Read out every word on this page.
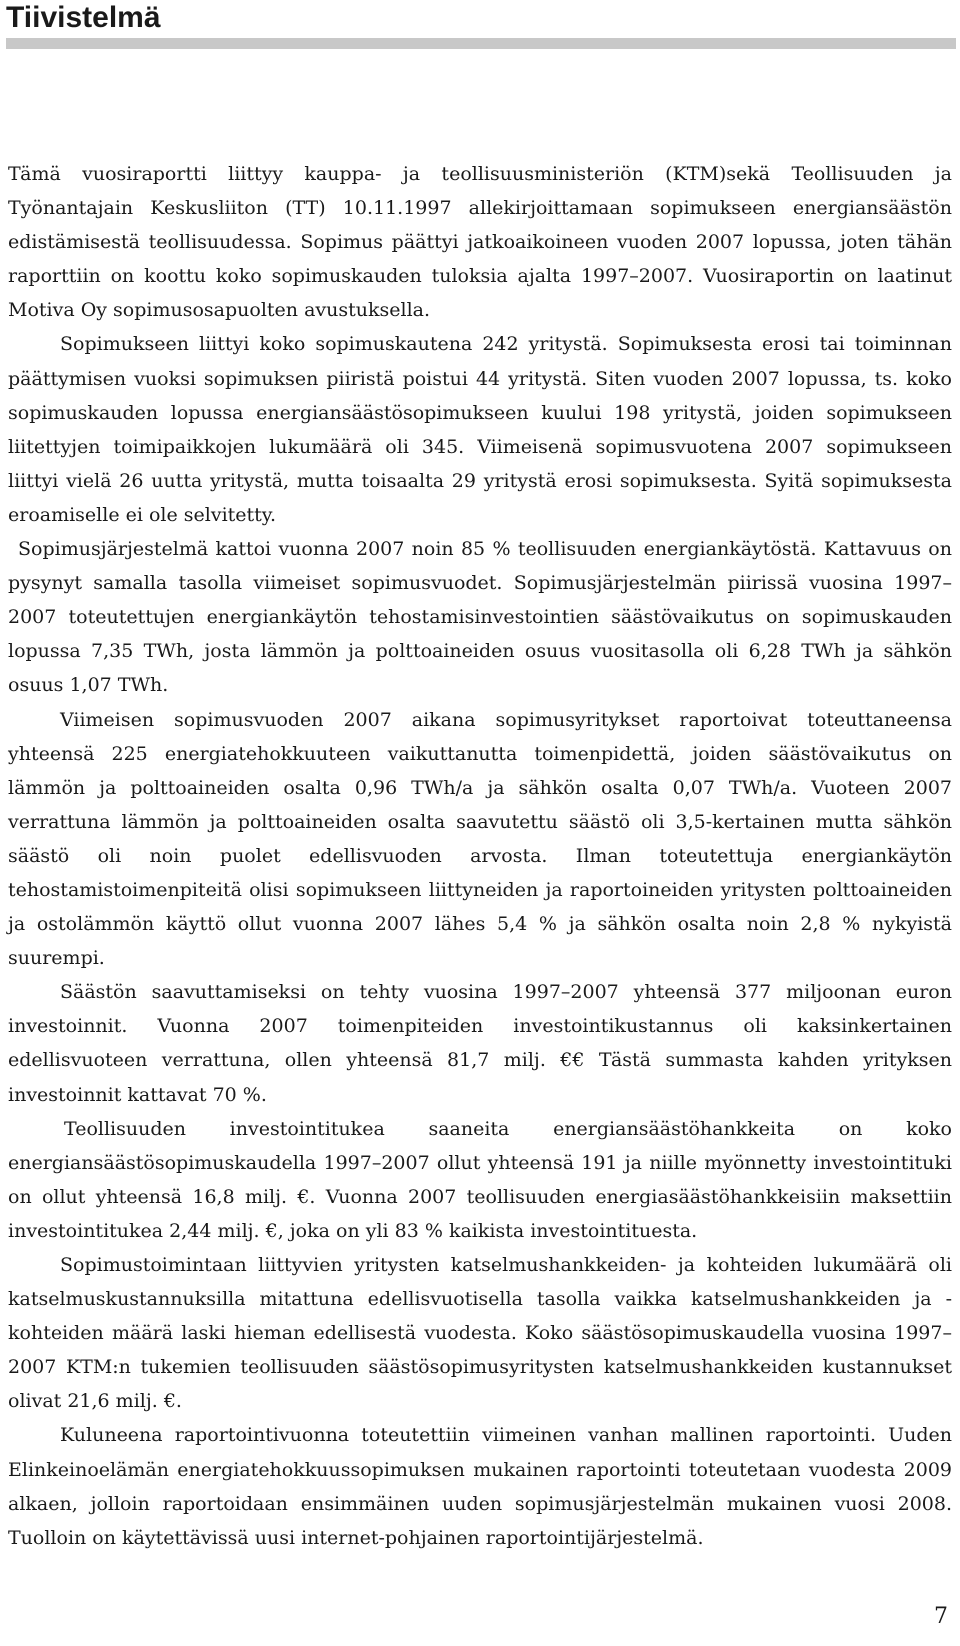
Tiivistelmä

Tämä vuosiraportti liittyy kauppa- ja teollisuusministeriön (KTM)sekä Teollisuuden ja Työnantajain Keskusliiton (TT) 10.11.1997 allekirjoittamaan sopimukseen energiansäästön edistämisestä teollisuudessa. Sopimus päättyi jatkoaikoineen vuoden 2007 lopussa, joten tähän raporttiin on koottu koko sopimuskauden tuloksia ajalta 1997–2007. Vuosiraportin on laatinut Motiva Oy sopimusosapuolten avustuksella.

Sopimukseen liittyi koko sopimuskautena 242 yritystä. Sopimuksesta erosi tai toiminnan päättymisen vuoksi sopimuksen piiristä poistui 44 yritystä. Siten vuoden 2007 lopussa, ts. koko sopimuskauden lopussa energiansäästösopimukseen kuului 198 yritystä, joiden sopimukseen liitettyjen toimipaikkojen lukumäärä oli 345. Viimeisenä sopimusvuotena 2007 sopimukseen liittyi vielä 26 uutta yritystä, mutta toisaalta 29 yritystä erosi sopimuksesta. Syitä sopimuksesta eroamiselle ei ole selvitetty.

Sopimusjärjestelmä kattoi vuonna 2007 noin 85 % teollisuuden energiankäytöstä. Kattavuus on pysynyt samalla tasolla viimeiset sopimusvuodet. Sopimusjärjestelmän piirissä vuosina 1997–2007 toteutettujen energiankäytön tehostamisinvestointien säästövaikutus on sopimuskauden lopussa 7,35 TWh, josta lämmön ja polttoaineiden osuus vuositasolla oli 6,28 TWh ja sähkön osuus 1,07 TWh.

Viimeisen sopimusvuoden 2007 aikana sopimusyritykset raportoivat toteuttaneensa yhteensä 225 energiatehokkuuteen vaikuttanutta toimenpidettä, joiden säästövaikutus on lämmön ja polttoaineiden osalta 0,96 TWh/a ja sähkön osalta 0,07 TWh/a. Vuoteen 2007 verrattuna lämmön ja polttoaineiden osalta saavutettu säästö oli 3,5-kertainen mutta sähkön säästö oli noin puolet edellisvuoden arvosta. Ilman toteutettuja energiankäytön tehostamistoimenpiteitä olisi sopimukseen liittyneiden ja raportoineiden yritysten polttoaineiden ja ostolämmön käyttö ollut vuonna 2007 lähes 5,4 % ja sähkön osalta noin 2,8 % nykyistä suurempi.

Säästön saavuttamiseksi on tehty vuosina 1997–2007 yhteensä 377 miljoonan euron investoinnit. Vuonna 2007 toimenpiteiden investointikustannus oli kaksinkertainen edellisvuoteen verrattuna, ollen yhteensä 81,7 milj. €€ Tästä summasta kahden yrityksen investoinnit kattavat 70 %.

Teollisuuden investointitukea saaneita energiansäästöhankkeita on koko energiansäästösopimuskaudella 1997–2007 ollut yhteensä 191 ja niille myönnetty investointituki on ollut yhteensä 16,8 milj. €. Vuonna 2007 teollisuuden energiasäästöhankkeisiin maksettiin investointitukea 2,44 milj. €, joka on yli 83 % kaikista investointituesta.

Sopimustoimintaan liittyvien yritysten katselmushankkeiden- ja kohteiden lukumäärä oli katselmuskustannuksilla mitattuna edellisvuotisella tasolla vaikka katselmushankkeiden ja -kohteiden määrä laski hieman edellisestä vuodesta. Koko säästösopimuskaudella vuosina 1997–2007 KTM:n tukemien teollisuuden säästösopimusyritysten katselmushankkeiden kustannukset olivat 21,6 milj. €.

Kuluneena raportointivuonna toteutettiin viimeinen vanhan mallinen raportointi. Uuden Elinkeinoelämän energiatehokkuussopimuksen mukainen raportointi toteutetaan vuodesta 2009 alkaen, jolloin raportoidaan ensimmäinen uuden sopimusjärjestelmän mukainen vuosi 2008. Tuolloin on käytettävissä uusi internet-pohjainen raportointijärjestelmä.

7
